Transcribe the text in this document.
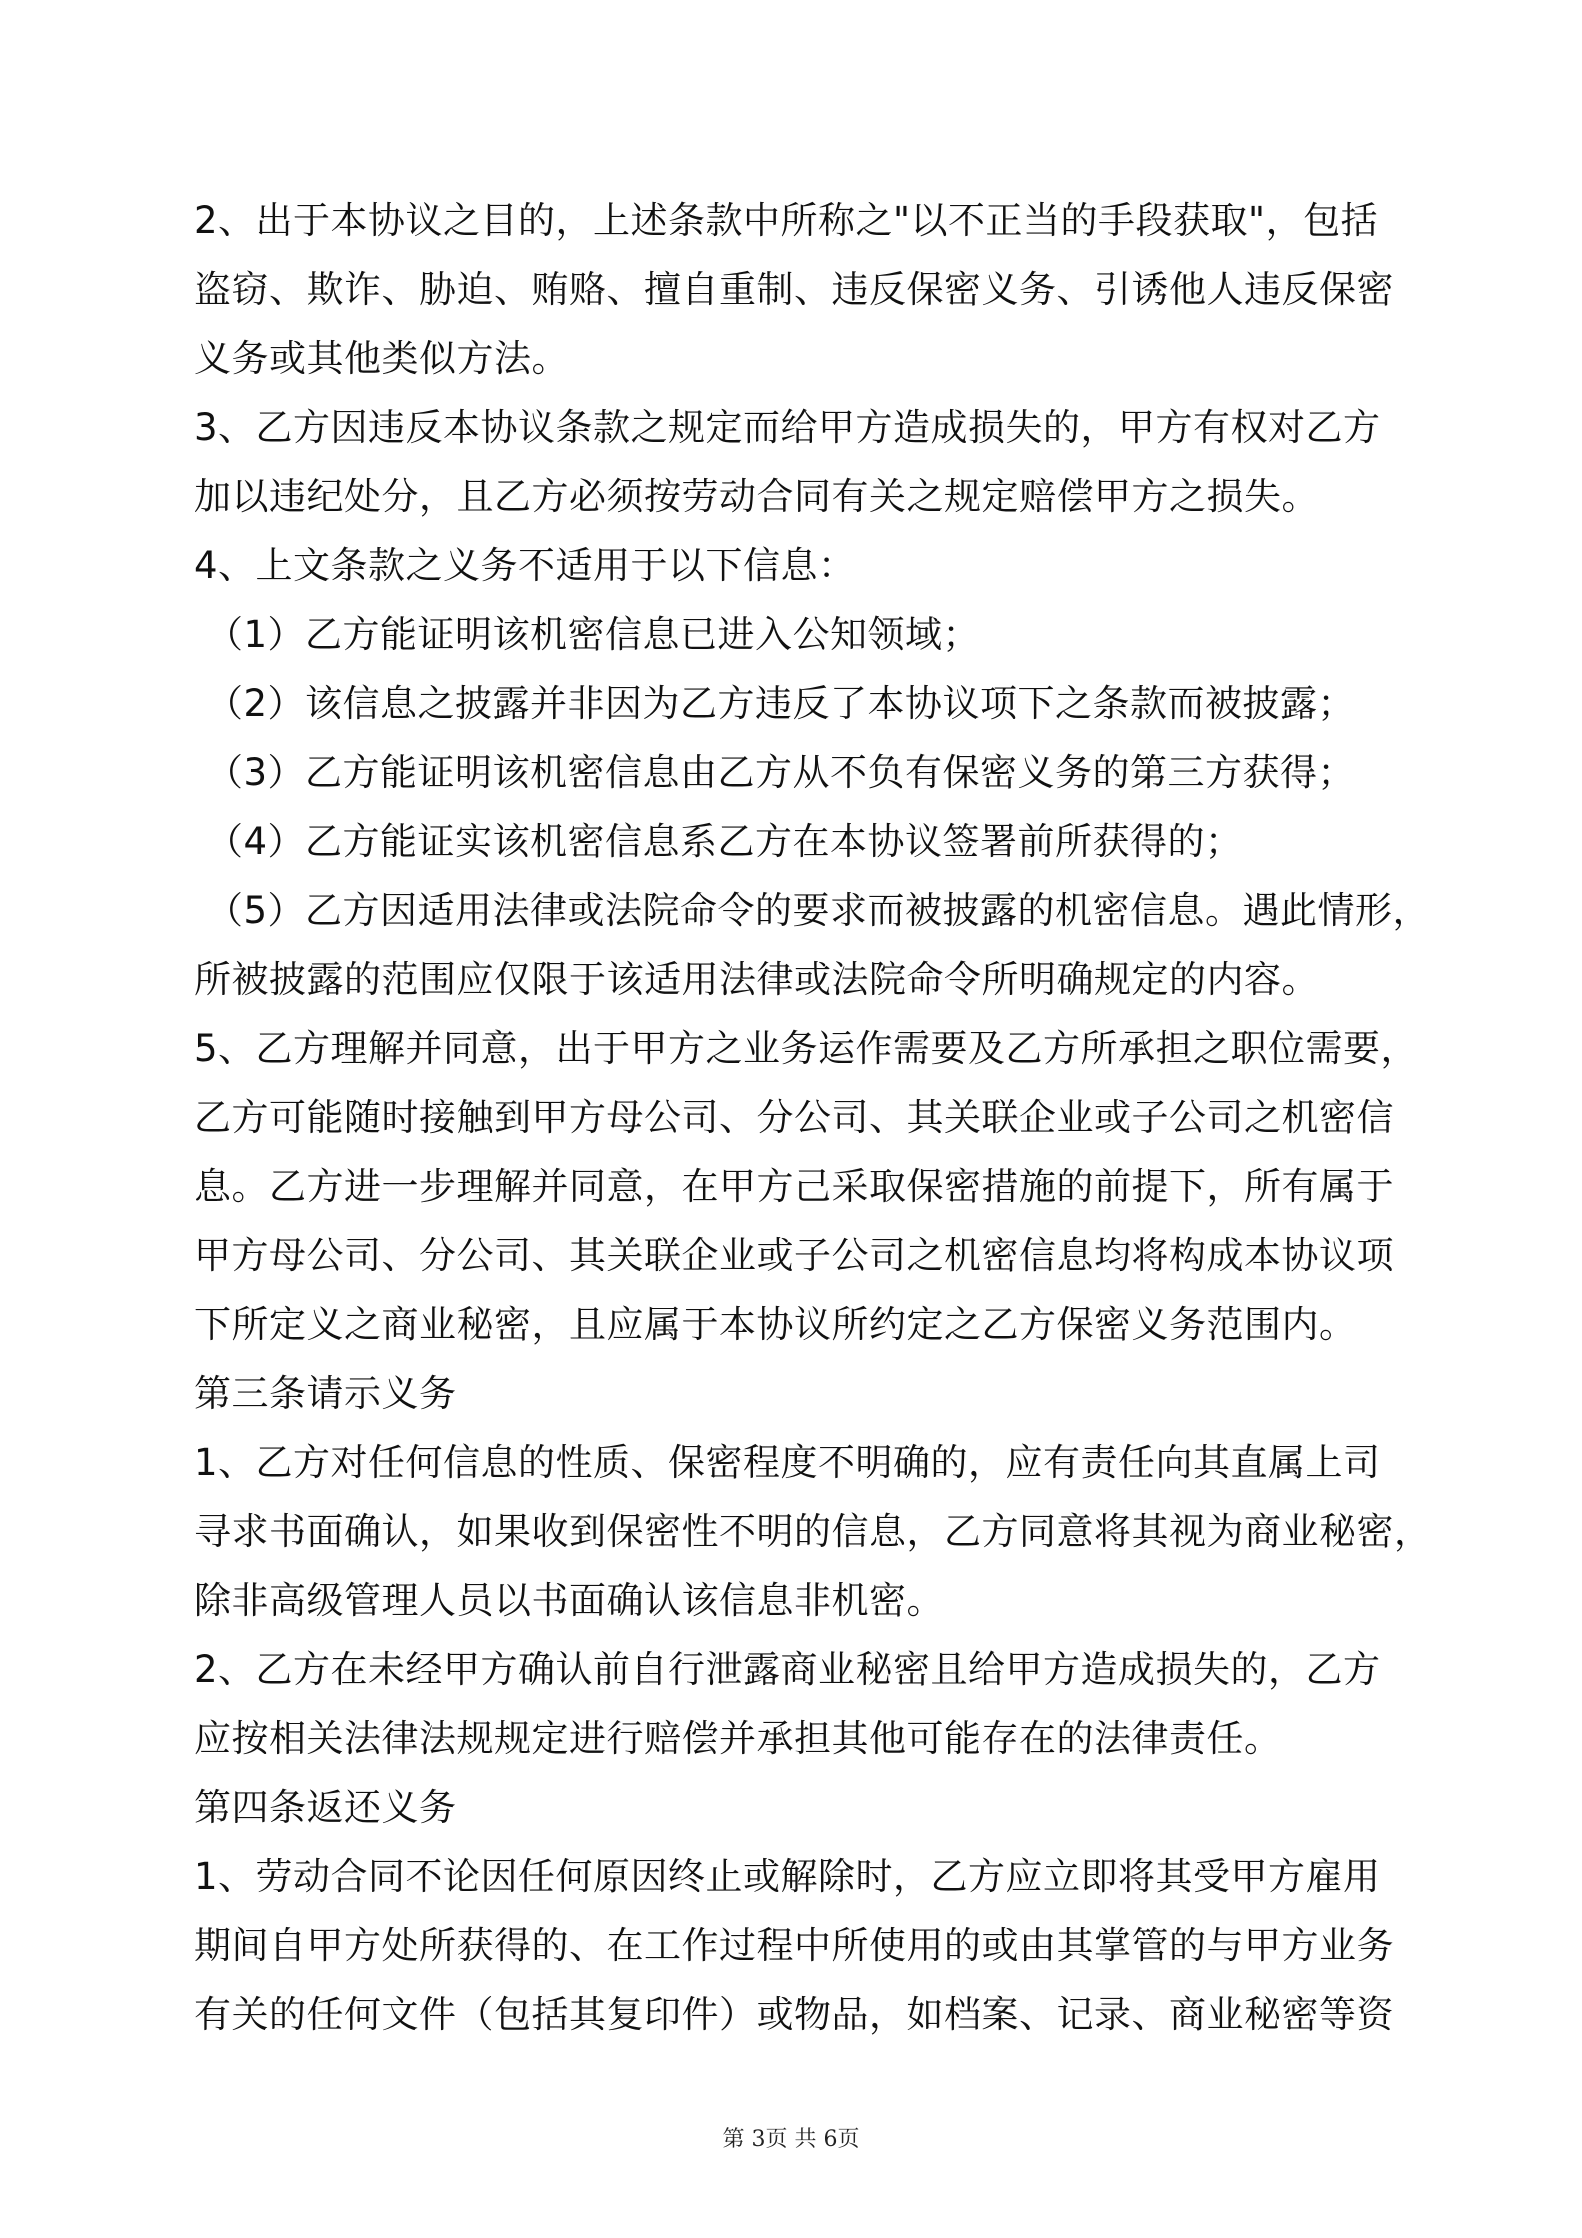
2、出于本协议之目的，上述条款中所称之"以不正当的手段获取"，包括
盗窃、欺诈、胁迫、贿赂、擅自重制、违反保密义务、引诱他人违反保密
义务或其他类似方法。
3、乙方因违反本协议条款之规定而给甲方造成损失的，甲方有权对乙方
加以违纪处分，且乙方必须按劳动合同有关之规定赔偿甲方之损失。
4、上文条款之义务不适用于以下信息：
（1）乙方能证明该机密信息已进入公知领域；
（2）该信息之披露并非因为乙方违反了本协议项下之条款而被披露；
（3）乙方能证明该机密信息由乙方从不负有保密义务的第三方获得；
（4）乙方能证实该机密信息系乙方在本协议签署前所获得的；
（5）乙方因适用法律或法院命令的要求而被披露的机密信息。遇此情形，
所被披露的范围应仅限于该适用法律或法院命令所明确规定的内容。
5、乙方理解并同意，出于甲方之业务运作需要及乙方所承担之职位需要，
乙方可能随时接触到甲方母公司、分公司、其关联企业或子公司之机密信
息。乙方进一步理解并同意，在甲方己采取保密措施的前提下，所有属于
甲方母公司、分公司、其关联企业或子公司之机密信息均将构成本协议项
下所定义之商业秘密，且应属于本协议所约定之乙方保密义务范围内。
第三条请示义务
1、乙方对任何信息的性质、保密程度不明确的，应有责任向其直属上司
寻求书面确认，如果收到保密性不明的信息，乙方同意将其视为商业秘密，
除非高级管理人员以书面确认该信息非机密。
2、乙方在未经甲方确认前自行泄露商业秘密且给甲方造成损失的，乙方
应按相关法律法规规定进行赔偿并承担其他可能存在的法律责任。
第四条返还义务
1、劳动合同不论因任何原因终止或解除时，乙方应立即将其受甲方雇用
期间自甲方处所获得的、在工作过程中所使用的或由其掌管的与甲方业务
有关的任何文件（包括其复印件）或物品，如档案、记录、商业秘密等资
第 3页 共 6页
